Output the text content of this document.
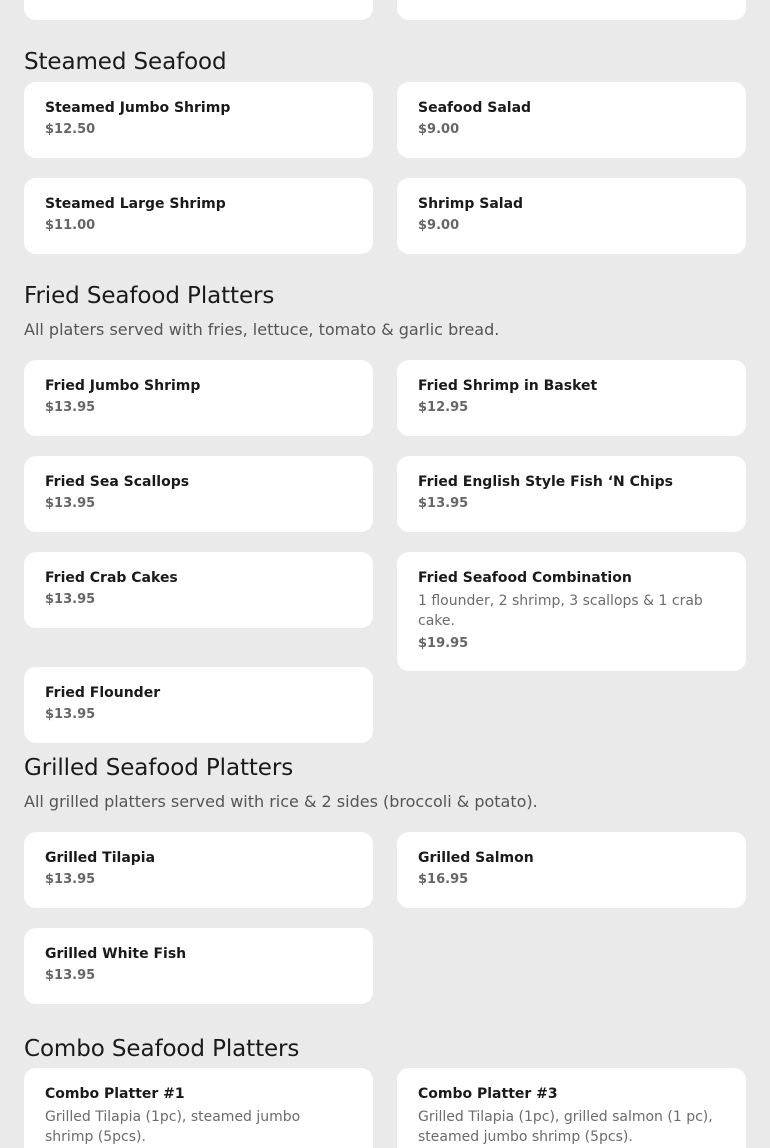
Steamed Seafood
Steamed Jumbo Shrimp
$12.50
Seafood Salad
$9.00
Steamed Large Shrimp
$11.00
Shrimp Salad
$9.00
Fried Seafood Platters

All platers served with fries, lettuce, tomato & garlic bread.

Fried Jumbo Shrimp
$13.95
Fried Shrimp in Basket
$12.95
Fried Sea Scallops
$13.95
Fried English Style Fish ‘N Chips
$13.95
Fried Crab Cakes
$13.95
Fried Seafood Combination
1 flounder, 2 shrimp, 3 scallops & 1 crab cake.
$19.95
Fried Flounder
$13.95
Grilled Seafood Platters

All grilled platters served with rice & 2 sides (broccoli & potato).

Grilled Tilapia
$13.95
Grilled Salmon
$16.95
Grilled White Fish
$13.95
Combo Seafood Platters
Combo Platter #1
Grilled Tilapia (1pc), steamed jumbo shrimp (5pcs).
Combo Platter #3
Grilled Tilapia (1pc), grilled salmon (1 pc), steamed jumbo shrimp (5pcs).
